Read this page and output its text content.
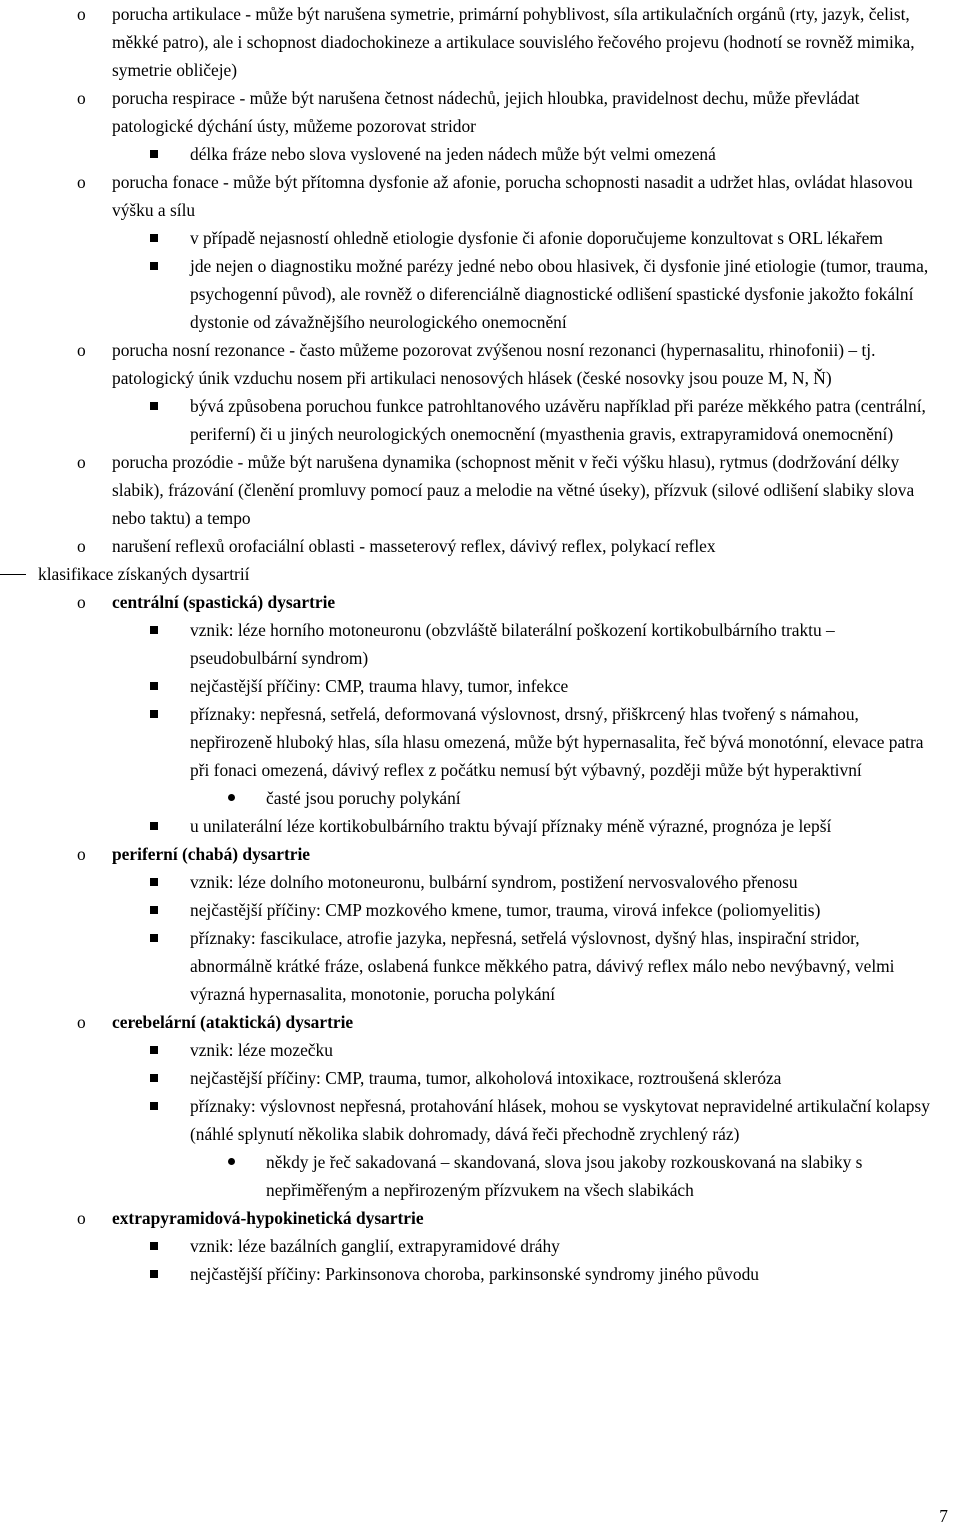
o porucha artikulace - může být narušena symetrie, primární pohyblivost, síla artikulačních orgánů (rty, jazyk, čelist, měkké patro), ale i schopnost diadochokineze a artikulace souvislého řečového projevu (hodnotí se rovněž mimika, symetrie obličeje)
o porucha respirace - může být narušena četnost nádechů, jejich hloubka, pravidelnost dechu, může převládat patologické dýchání ústy, můžeme pozorovat stridor
délka fráze nebo slova vyslovené na jeden nádech může být velmi omezená
o porucha fonace - může být přítomna dysfonie až afonie, porucha schopnosti nasadit a udržet hlas, ovládat hlasovou výšku a sílu
v případě nejasností ohledně etiologie dysfonie či afonie doporučujeme konzultovat s ORL lékařem
jde nejen o diagnostiku možné parézy jedné nebo obou hlasivek, či dysfonie jiné etiologie (tumor, trauma, psychogenní původ), ale rovněž o diferenciálně diagnostické odlišení spastické dysfonie jakožto fokální dystonie od závažnějšího neurologického onemocnění
o porucha nosní rezonance - často můžeme pozorovat zvýšenou nosní rezonanci (hypernasalitu, rhinofonii) – tj. patologický únik vzduchu nosem při artikulaci nenosových hlásek (české nosovky jsou pouze M, N, Ň)
bývá způsobena poruchou funkce patrohltanového uzávěru například při paréze měkkého patra (centrální, periferní) či u jiných neurologických onemocnění (myasthenia gravis, extrapyramidová onemocnění)
o porucha prozódie - může být narušena dynamika (schopnost měnit v řeči výšku hlasu), rytmus (dodržování délky slabik), frázování (členění promluvy pomocí pauz a melodie na větné úseky), přízvuk (silové odlišení slabiky slova nebo taktu) a tempo
o narušení reflexů orofaciální oblasti - masseterový reflex, dávivý reflex, polykací reflex
klasifikace získaných dysartrií
o centrální (spastická) dysartrie
vznik: léze horního motoneuronu (obzvláště bilaterální poškození kortikobulbárního traktu – pseudobulbární syndrom)
nejčastější příčiny: CMP, trauma hlavy, tumor, infekce
příznaky: nepřesná, setřelá, deformovaná výslovnost, drsný, přiškrcený hlas tvořený s námahou, nepřirozeně hluboký hlas, síla hlasu omezená, může být hypernasalita, řeč bývá monotónní, elevace patra při fonaci omezená, dávivý reflex z počátku nemusí být výbavný, později může být hyperaktivní
časté jsou poruchy polykání
u unilaterální léze kortikobulbárního traktu bývají příznaky méně výrazné, prognóza je lepší
o periferní (chabá) dysartrie
vznik: léze dolního motoneuronu, bulbární syndrom, postižení nervosvalového přenosu
nejčastější příčiny: CMP mozkového kmene, tumor, trauma, virová infekce (poliomyelitis)
příznaky: fascikulace, atrofie jazyka, nepřesná, setřelá výslovnost, dyšný hlas, inspirační stridor, abnormálně krátké fráze, oslabená funkce měkkého patra, dávivý reflex málo nebo nevýbavný, velmi výrazná hypernasalita, monotonie, porucha polykání
o cerebelární (ataktická) dysartrie
vznik: léze mozečku
nejčastější příčiny: CMP, trauma, tumor, alkoholová intoxikace, roztroušená skleróza
příznaky: výslovnost nepřesná, protahování hlásek, mohou se vyskytovat nepravidelné artikulační kolapsy (náhlé splynutí několika slabik dohromady, dává řeči přechodně zrychlený ráz)
někdy je řeč sakadovaná – skandovaná, slova jsou jakoby rozkouskovaná na slabiky s nepřiměřeným a nepřirozeným přízvukem na všech slabikách
o extrapyramidová-hypokinetická dysartrie
vznik: léze bazálních ganglií, extrapyramidové dráhy
nejčastější příčiny: Parkinsonova choroba, parkinsonské syndromy jiného původu
7
